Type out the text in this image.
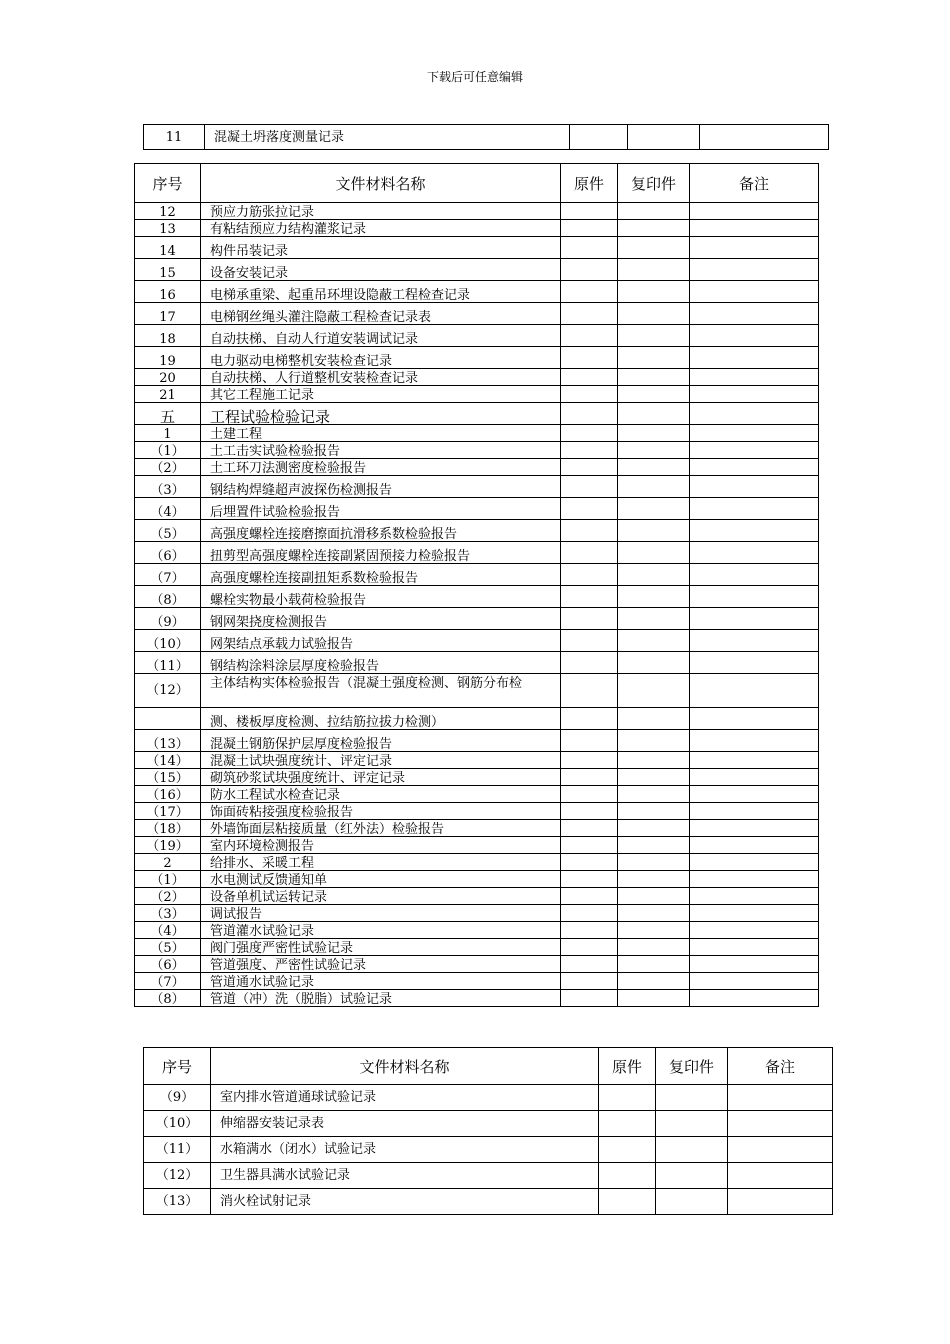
下载后可任意编辑
11	混凝土坍落度测量记录			
序号	文件材料名称	原件	复印件	备注
12	预应力筋张拉记录			
13	有粘结预应力结构灌浆记录			
14	构件吊装记录			
15	设备安装记录			
16	电梯承重梁、起重吊环埋设隐蔽工程检查记录			
17	电梯钢丝绳头灌注隐蔽工程检查记录表			
18	自动扶梯、自动人行道安装调试记录			
19	电力驱动电梯整机安装检查记录			
20	自动扶梯、人行道整机安装检查记录			
21	其它工程施工记录			
五	工程试验检验记录			
1	土建工程			
（1）	土工击实试验检验报告			
（2）	土工环刀法测密度检验报告			
（3）	钢结构焊缝超声波探伤检测报告			
（4）	后埋置件试验检验报告			
（5）	高强度螺栓连接磨擦面抗滑移系数检验报告			
（6）	扭剪型高强度螺栓连接副紧固预接力检验报告			
（7）	高强度螺栓连接副扭矩系数检验报告			
（8）	螺栓实物最小载荷检验报告			
（9）	钢网架挠度检测报告			
（10）	网架结点承载力试验报告			
（11）	钢结构涂料涂层厚度检验报告			
（12）	主体结构实体检验报告（混凝土强度检测、钢筋分布检			
	测、楼板厚度检测、拉结筋拉拔力检测）			
（13）	混凝土钢筋保护层厚度检验报告			
（14）	混凝土试块强度统计、评定记录			
（15）	砌筑砂浆试块强度统计、评定记录			
（16）	防水工程试水检查记录			
（17）	饰面砖粘接强度检验报告			
（18）	外墙饰面层粘接质量（红外法）检验报告			
（19）	室内环境检测报告			
2	给排水、采暖工程			
（1）	水电测试反馈通知单			
（2）	设备单机试运转记录			
（3）	调试报告			
（4）	管道灌水试验记录			
（5）	阀门强度严密性试验记录			
（6）	管道强度、严密性试验记录			
（7）	管道通水试验记录			
（8）	管道（冲）洗（脱脂）试验记录			
序号	文件材料名称	原件	复印件	备注
（9）	室内排水管道通球试验记录			
（10）	伸缩器安装记录表			
（11）	水箱满水（闭水）试验记录			
（12）	卫生器具满水试验记录			
（13）	消火栓试射记录			
